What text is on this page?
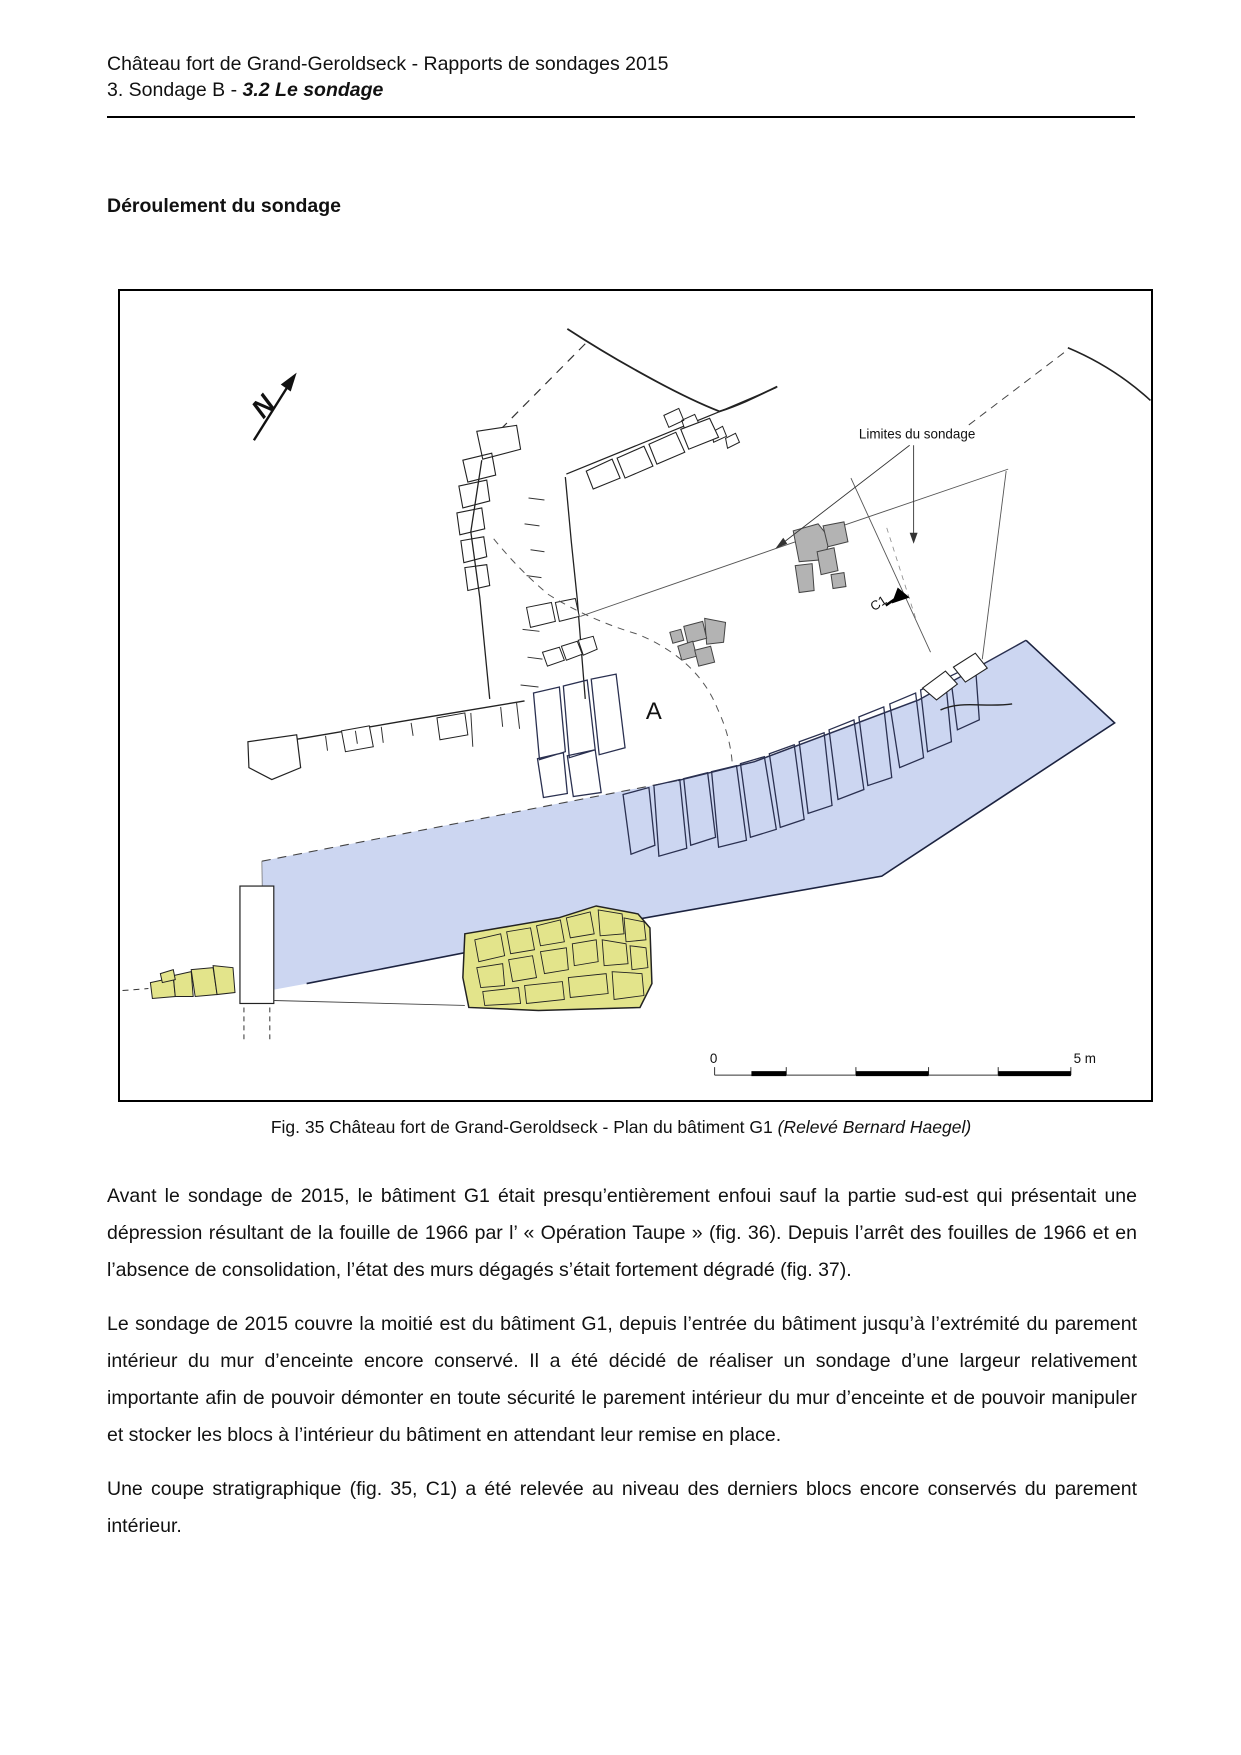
Château fort de Grand-Geroldseck - Rapports de sondages 2015
3. Sondage B - 3.2 Le sondage
Déroulement du sondage
N
A
C1
Limites du sondage
0	5 m
Fig. 35 Château fort de Grand-Geroldseck - Plan du bâtiment G1 (Relevé Bernard Haegel)

Avant le sondage de 2015, le bâtiment G1 était presqu’entièrement enfoui sauf la partie sud-est qui présentait une dépression résultant de la fouille de 1966 par l’ « Opération Taupe » (fig. 36). Depuis l’arrêt des fouilles de 1966 et en l’absence de consolidation, l’état des murs dégagés s’était fortement dégradé (fig. 37).

Le sondage de 2015 couvre la moitié est du bâtiment G1, depuis l’entrée du bâtiment jusqu’à l’extrémité du parement intérieur du mur d’enceinte encore conservé. Il a été décidé de réaliser un sondage d’une largeur relativement importante afin de pouvoir démonter en toute sécurité le parement intérieur du mur d’enceinte et de pouvoir manipuler et stocker les blocs à l’intérieur du bâtiment en attendant leur remise en place.

Une coupe stratigraphique (fig. 35, C1) a été relevée au niveau des derniers blocs encore conservés du parement intérieur.
